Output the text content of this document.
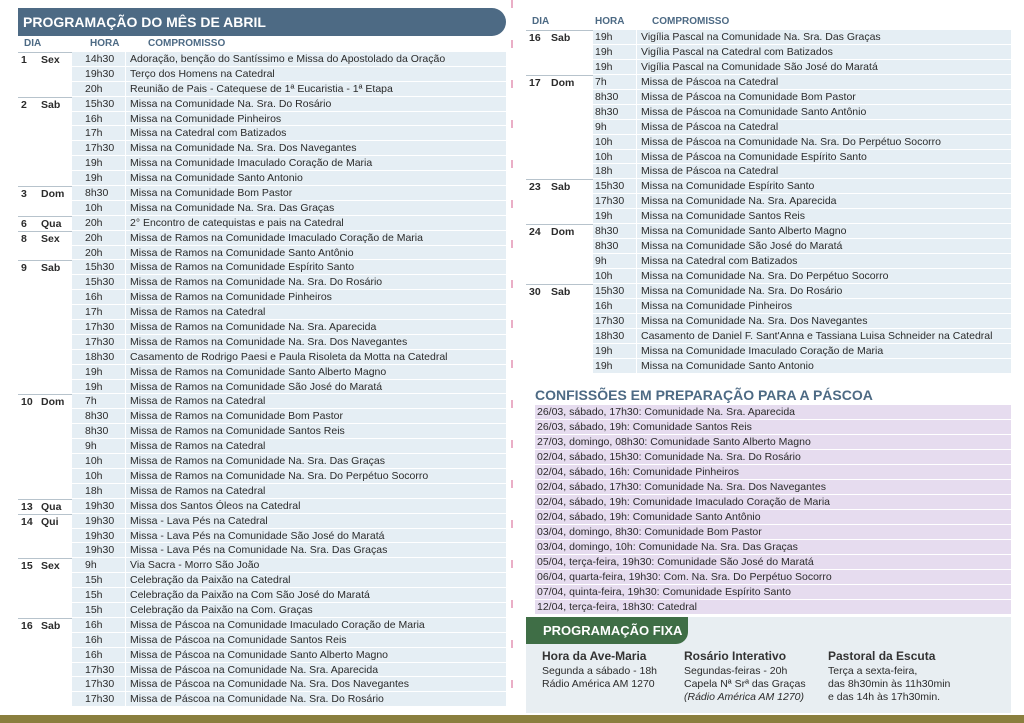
PROGRAMAÇÃO DO MÊS DE ABRIL
DIA	HORA	COMPROMISSO
1	Sex	14h30	Adoração, benção do Santíssimo e Missa do Apostolado da Oração
19h30	Terço dos Homens na Catedral
20h	Reunião de Pais - Catequese de 1ª Eucaristia - 1ª Etapa
2	Sab	15h30	Missa na Comunidade Na. Sra. Do Rosário
16h	Missa na Comunidade Pinheiros
17h	Missa na Catedral com Batizados
17h30	Missa na Comunidade Na. Sra. Dos Navegantes
19h	Missa na Comunidade Imaculado Coração de Maria
19h	Missa na Comunidade Santo Antonio
3	Dom	8h30	Missa na Comunidade Bom Pastor
10h	Missa na Comunidade Na. Sra. Das Graças
6	Qua	20h	2° Encontro de catequistas e pais na Catedral
8	Sex	20h	Missa de Ramos na Comunidade Imaculado Coração de Maria
20h	Missa de Ramos na Comunidade Santo Antônio
9	Sab	15h30	Missa de Ramos na Comunidade Espírito Santo
15h30	Missa de Ramos na Comunidade Na. Sra. Do Rosário
16h	Missa de Ramos na Comunidade Pinheiros
17h	Missa de Ramos na Catedral
17h30	Missa de Ramos na Comunidade Na. Sra. Aparecida
17h30	Missa de Ramos na Comunidade Na. Sra. Dos Navegantes
18h30	Casamento de Rodrigo Paesi e Paula Risoleta da Motta na Catedral
19h	Missa de Ramos na Comunidade Santo Alberto Magno
19h	Missa de Ramos na Comunidade São José do Maratá
10 Dom	7h	Missa de Ramos na Catedral
8h30	Missa de Ramos na Comunidade Bom Pastor
8h30	Missa de Ramos na Comunidade Santos Reis
9h	Missa de Ramos na Catedral
10h	Missa de Ramos na Comunidade Na. Sra. Das Graças
10h	Missa de Ramos na Comunidade Na. Sra. Do Perpétuo Socorro
18h	Missa de Ramos na Catedral
13 Qua	19h30	Missa dos Santos Óleos na Catedral
14 Qui	19h30	Missa - Lava Pés na Catedral
19h30	Missa - Lava Pés na Comunidade São José do Maratá
19h30	Missa - Lava Pés na Comunidade Na. Sra. Das Graças
15 Sex	9h	Via Sacra - Morro São João
15h	Celebração da Paixão na Catedral
15h	Celebração da Paixão na Com São José do Maratá
15h	Celebração da Paixão na Com. Graças
16 Sab	16h	Missa de Páscoa na Comunidade Imaculado Coração de Maria
16h	Missa de Páscoa na Comunidade Santos Reis
16h	Missa de Páscoa na Comunidade Santo Alberto Magno
17h30	Missa de Páscoa na Comunidade Na. Sra. Aparecida
17h30	Missa de Páscoa na Comunidade Na. Sra. Dos Navegantes
17h30	Missa de Páscoa na Comunidade Na. Sra. Do Rosário
DIA	HORA	COMPROMISSO
16 Sab	19h	Vigília Pascal na Comunidade Na. Sra. Das Graças
19h	Vigília Pascal na Catedral com Batizados
19h	Vigília Pascal na Comunidade São José do Maratá
17 Dom	7h	Missa de Páscoa na Catedral
8h30	Missa de Páscoa na Comunidade Bom Pastor
8h30	Missa de Páscoa na Comunidade Santo Antônio
9h	Missa de Páscoa na Catedral
10h	Missa de Páscoa na Comunidade Na. Sra. Do Perpétuo Socorro
10h	Missa de Páscoa na Comunidade Espírito Santo
18h	Missa de Páscoa na Catedral
23 Sab	15h30	Missa na Comunidade Espírito Santo
17h30	Missa na Comunidade Na. Sra. Aparecida
19h	Missa na Comunidade Santos Reis
24 Dom	8h30	Missa na Comunidade Santo Alberto Magno
8h30	Missa na Comunidade São José do Maratá
9h	Missa na Catedral com Batizados
10h	Missa na Comunidade Na. Sra. Do Perpétuo Socorro
30 Sab	15h30	Missa na Comunidade Na. Sra. Do Rosário
16h	Missa na Comunidade Pinheiros
17h30	Missa na Comunidade Na. Sra. Dos Navegantes
18h30	Casamento de Daniel F. Sant'Anna e Tassiana Luisa Schneider na Catedral
19h	Missa na Comunidade Imaculado Coração de Maria
19h	Missa na Comunidade Santo Antonio
CONFISSÕES EM PREPARAÇÃO PARA A PÁSCOA
26/03, sábado, 17h30: Comunidade Na. Sra. Aparecida
26/03, sábado, 19h: Comunidade Santos Reis
27/03, domingo, 08h30: Comunidade Santo Alberto Magno
02/04, sábado, 15h30: Comunidade Na. Sra. Do Rosário
02/04, sábado, 16h: Comunidade Pinheiros
02/04, sábado, 17h30: Comunidade Na. Sra. Dos Navegantes
02/04, sábado, 19h: Comunidade Imaculado Coração de Maria
02/04, sábado, 19h: Comunidade Santo Antônio
03/04, domingo, 8h30: Comunidade Bom Pastor
03/04, domingo, 10h: Comunidade Na. Sra. Das Graças
05/04, terça-feira, 19h30: Comunidade São José do Maratá
06/04, quarta-feira, 19h30: Com. Na. Sra. Do Perpétuo Socorro
07/04, quinta-feira, 19h30: Comunidade Espírito Santo
12/04, terça-feira, 18h30: Catedral
PROGRAMAÇÃO FIXA
Hora da Ave-Maria
Segunda a sábado - 18h
Rádio América AM 1270
Rosário Interativo
Segundas-feiras - 20h
Capela Nª Srª das Graças
(Rádio América AM 1270)
Pastoral da Escuta
Terça a sexta-feira,
das 8h30min às 11h30min
e das 14h às 17h30min.
